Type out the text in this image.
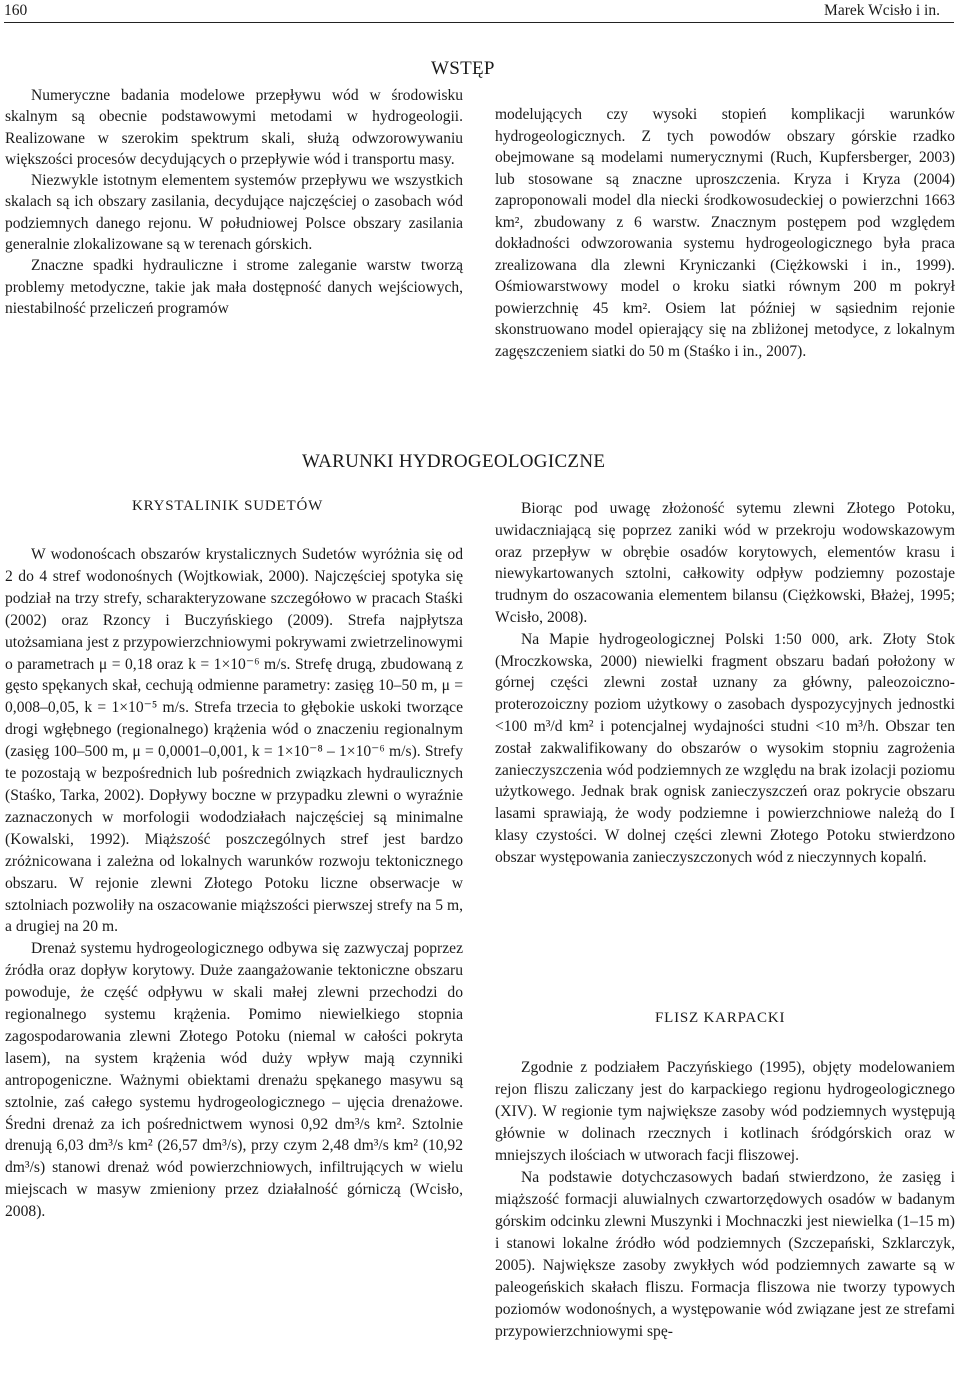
160	Marek Wcisło i in.
WSTĘP

Numeryczne badania modelowe przepływu wód w środowisku skalnym są obecnie podstawowymi metodami w hydrogeologii. Realizowane w szerokim spektrum skali, służą odwzorowywaniu większości procesów decydujących o przepływie wód i transportu masy.

Niezwykle istotnym elementem systemów przepływu we wszystkich skalach są ich obszary zasilania, decydujące najczęściej o zasobach wód podziemnych danego rejonu. W południowej Polsce obszary zasilania generalnie zlokalizowane są w terenach górskich.

Znaczne spadki hydrauliczne i strome zaleganie warstw tworzą problemy metodyczne, takie jak mała dostępność danych wejściowych, niestabilność przeliczeń programów

modelujących czy wysoki stopień komplikacji warunków hydrogeologicznych. Z tych powodów obszary górskie rzadko obejmowane są modelami numerycznymi (Ruch, Kupfersberger, 2003) lub stosowane są znaczne uproszczenia. Kryza i Kryza (2004) zaproponowali model dla niecki środkowosudeckiej o powierzchni 1663 km², zbudowany z 6 warstw. Znacznym postępem pod względem dokładności odwzorowania systemu hydrogeologicznego była praca zrealizowana dla zlewni Kryniczanki (Ciężkowski i in., 1999). Ośmiowarstwowy model o kroku siatki równym 200 m pokrył powierzchnię 45 km². Osiem lat później w sąsiednim rejonie skonstruowano model opierający się na zbliżonej metodyce, z lokalnym zagęszczeniem siatki do 50 m (Staśko i in., 2007).

WARUNKI HYDROGEOLOGICZNE
KRYSTALINIK SUDETÓW

W wodonoścach obszarów krystalicznych Sudetów wyróżnia się od 2 do 4 stref wodonośnych (Wojtkowiak, 2000). Najczęściej spotyka się podział na trzy strefy, scharakteryzowane szczegółowo w pracach Staśki (2002) oraz Rzoncy i Buczyńskiego (2009). Strefa najpłytsza utożsamiana jest z przypowierzchniowymi pokrywami zwietrzelinowymi o parametrach μ = 0,18 oraz k = 1×10⁻⁶ m/s. Strefę drugą, zbudowaną z gęsto spękanych skał, cechują odmienne parametry: zasięg 10–50 m, μ = 0,008–0,05, k = 1×10⁻⁵ m/s. Strefa trzecia to głębokie uskoki tworzące drogi wgłębnego (regionalnego) krążenia wód o znaczeniu regionalnym (zasięg 100–500 m, μ = 0,0001–0,001, k = 1×10⁻⁸ – 1×10⁻⁶ m/s). Strefy te pozostają w bezpośrednich lub pośrednich związkach hydraulicznych (Staśko, Tarka, 2002). Dopływy boczne w przypadku zlewni o wyraźnie zaznaczonych w morfologii wododziałach najczęściej są minimalne (Kowalski, 1992). Miąższość poszczególnych stref jest bardzo zróżnicowana i zależna od lokalnych warunków rozwoju tektonicznego obszaru. W rejonie zlewni Złotego Potoku liczne obserwacje w sztolniach pozwoliły na oszacowanie miąższości pierwszej strefy na 5 m, a drugiej na 20 m.

Drenaż systemu hydrogeologicznego odbywa się zazwyczaj poprzez źródła oraz dopływ korytowy. Duże zaangażowanie tektoniczne obszaru powoduje, że część odpływu w skali małej zlewni przechodzi do regionalnego systemu krążenia. Pomimo niewielkiego stopnia zagospodarowania zlewni Złotego Potoku (niemal w całości pokryta lasem), na system krążenia wód duży wpływ mają czynniki antropogeniczne. Ważnymi obiektami drenażu spękanego masywu są sztolnie, zaś całego systemu hydrogeologicznego – ujęcia drenażowe. Średni drenaż za ich pośrednictwem wynosi 0,92 dm³/s km². Sztolnie drenują 6,03 dm³/s km² (26,57 dm³/s), przy czym 2,48 dm³/s km² (10,92 dm³/s) stanowi drenaż wód powierzchniowych, infiltrujących w wielu miejscach w masyw zmieniony przez działalność górniczą (Wcisło, 2008).

Biorąc pod uwagę złożoność sytemu zlewni Złotego Potoku, uwidaczniającą się poprzez zaniki wód w przekroju wodowskazowym oraz przepływ w obrębie osadów korytowych, elementów krasu i niewykartowanych sztolni, całkowity odpływ podziemny pozostaje trudnym do oszacowania elementem bilansu (Ciężkowski, Błażej, 1995; Wcisło, 2008).

Na Mapie hydrogeologicznej Polski 1:50 000, ark. Złoty Stok (Mroczkowska, 2000) niewielki fragment obszaru badań położony w górnej części zlewni został uznany za główny, paleozoiczno-proterozoiczny poziom użytkowy o zasobach dyspozycyjnych jednostki <100 m³/d km² i potencjalnej wydajności studni <10 m³/h. Obszar ten został zakwalifikowany do obszarów o wysokim stopniu zagrożenia zanieczyszczenia wód podziemnych ze względu na brak izolacji poziomu użytkowego. Jednak brak ognisk zanieczyszczeń oraz pokrycie obszaru lasami sprawiają, że wody podziemne i powierzchniowe należą do I klasy czystości. W dolnej części zlewni Złotego Potoku stwierdzono obszar występowania zanieczyszczonych wód z nieczynnych kopalń.

FLISZ KARPACKI

Zgodnie z podziałem Paczyńskiego (1995), objęty modelowaniem rejon fliszu zaliczany jest do karpackiego regionu hydrogeologicznego (XIV). W regionie tym największe zasoby wód podziemnych występują głównie w dolinach rzecznych i kotlinach śródgórskich oraz w mniejszych ilościach w utworach facji fliszowej.

Na podstawie dotychczasowych badań stwierdzono, że zasięg i miąższość formacji aluwialnych czwartorzędowych osadów w badanym górskim odcinku zlewni Muszynki i Mochnaczki jest niewielka (1–15 m) i stanowi lokalne źródło wód podziemnych (Szczepański, Szklarczyk, 2005). Największe zasoby zwykłych wód podziemnych zawarte są w paleogeńskich skałach fliszu. Formacja fliszowa nie tworzy typowych poziomów wodonośnych, a występowanie wód związane jest ze strefami przypowierzchniowymi spę-
